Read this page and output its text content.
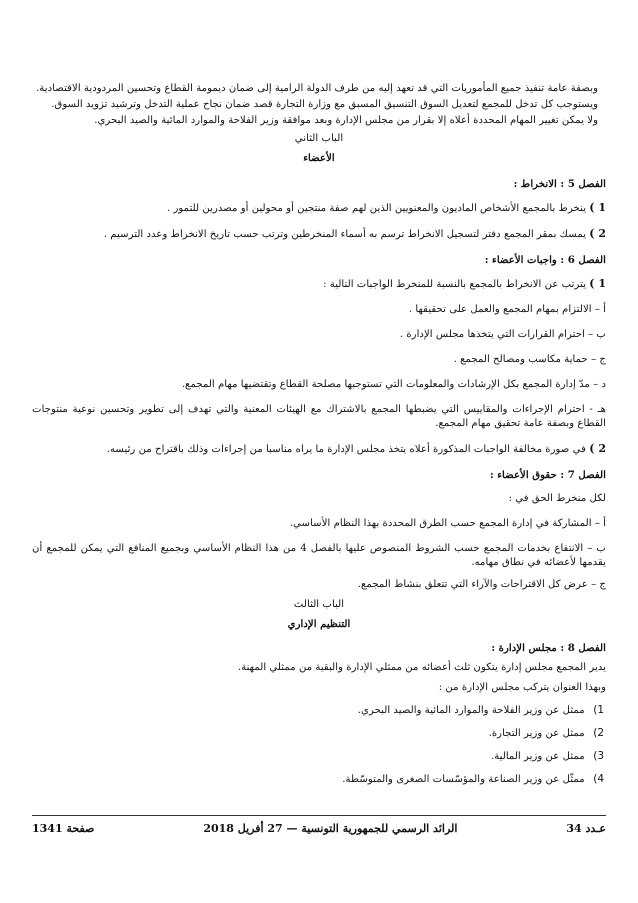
وبصفة عامة تنفيذ جميع المأموريات التي قد تعهد إليه من طرف الدولة الرامية إلى ضمان ديمومة القطاع وتحسين المردودية الاقتصادية.

ويستوجب كل تدخل للمجمع لتعديل السوق التنسيق المسبق مع وزارة التجارة قصد ضمان نجاح عملية التدخل وترشيد تزويد السوق.

ولا يمكن تغيير المهام المحددة أعلاه إلا بقرار من مجلس الإدارة وبعد موافقة وزير الفلاحة والموارد المائية والصيد البحري.

الباب الثاني

الأعضاء

الفصل 5 : الانخراط :

1 ) ينخرط بالمجمع الأشخاص الماديون والمعنويين الذين لهم صفة منتجين أو محولين أو مصدرين للتمور .

2 ) يمسك بمقر المجمع دفتر لتسجيل الانخراط ترسم به أسماء المنخرطين وترتب حسب تاريخ الانخراط وعدد الترسيم .

الفصل 6 : واجبات الأعضاء :

1 ) يترتب عن الانخراط بالمجمع بالنسبة للمنخرط الواجبات التالية :

أ – الالتزام بمهام المجمع والعمل على تحقيقها .

ب – احترام القرارات التي يتخذها مجلس الإدارة .

ج – حماية مكاسب ومصالح المجمع .

د – مدّ إدارة المجمع بكل الإرشادات والمعلومات التي تستوجبها مصلحة القطاع وتقتضيها مهام المجمع.

هـ - احترام الإجراءات والمقاييس التي يضبطها المجمع بالاشتراك مع الهيئات المعنية والتي تهدف إلى تطوير وتحسين نوعية منتوجات القطاع وبصفة عامة تحقيق مهام المجمع.

2 ) في صورة مخالفة الواجبات المذكورة أعلاه يتخذ مجلس الإدارة ما يراه مناسبا من إجراءات وذلك باقتراح من رئيسه.

الفصل 7 : حقوق الأعضاء :

لكل منخرط الحق في :

أ – المشاركة في إدارة المجمع حسب الطرق المحددة بهذا النظام الأساسي.

ب – الانتفاع بخدمات المجمع حسب الشروط المنصوص عليها بالفصل 4 من هذا النظام الأساسي وبجميع المنافع التي يمكن للمجمع أن يقدمها لأعضائه في نطاق مهامه.

ج – عرض كل الاقتراحات والآراء التي تتعلق بنشاط المجمع.

الباب الثالث

التنظيم الإداري

الفصل 8 : مجلس الإدارة :

يدير المجمع مجلس إدارة يتكون ثلث أعضائه من ممثلي الإدارة والبقية من ممثلي المهنة.

وبهذا العنوان يتركب مجلس الإدارة من :

1) ممثل عن وزير الفلاحة والموارد المائية والصيد البحري.

2) ممثل عن وزير التجارة.

3) ممثل عن وزير المالية.

4) ممثّل عن وزير الصناعة والمؤسّسات الصغرى والمتوسّطة.

عـدد 34
الرائد الرسمي للجمهورية التونسية — 27 أفريل 2018
صفحة 1341
